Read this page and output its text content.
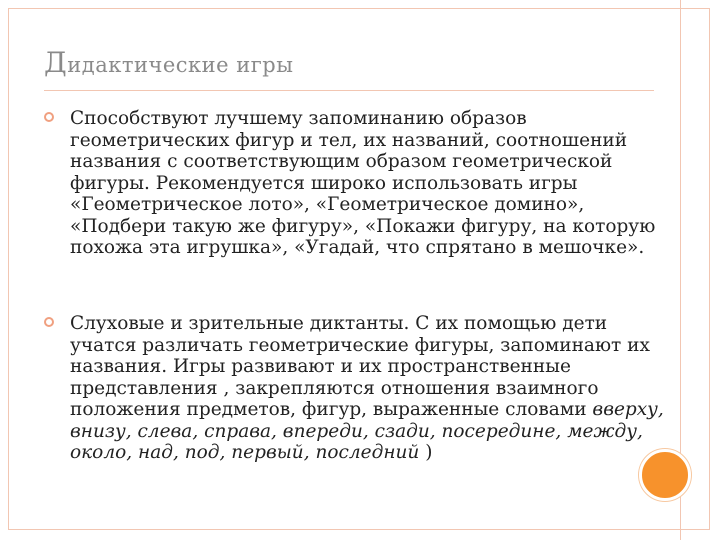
Дидактические игры
Способствуют лучшему запоминанию образов геометрических фигур и тел, их названий, соотношений названия с соответствующим образом геометрической фигуры. Рекомендуется широко использовать игры «Геометрическое лото», «Геометрическое домино», «Подбери такую же фигуру», «Покажи фигуру, на которую похожа эта игрушка», «Угадай, что спрятано в мешочке».
Слуховые и зрительные диктанты. С их помощью дети учатся различать геометрические фигуры, запоминают их названия. Игры развивают и их пространственные представления , закрепляются отношения взаимного положения предметов, фигур, выраженные словами вверху, внизу, слева, справа, впереди, сзади, посередине, между, около, над, под, первый, последний )
